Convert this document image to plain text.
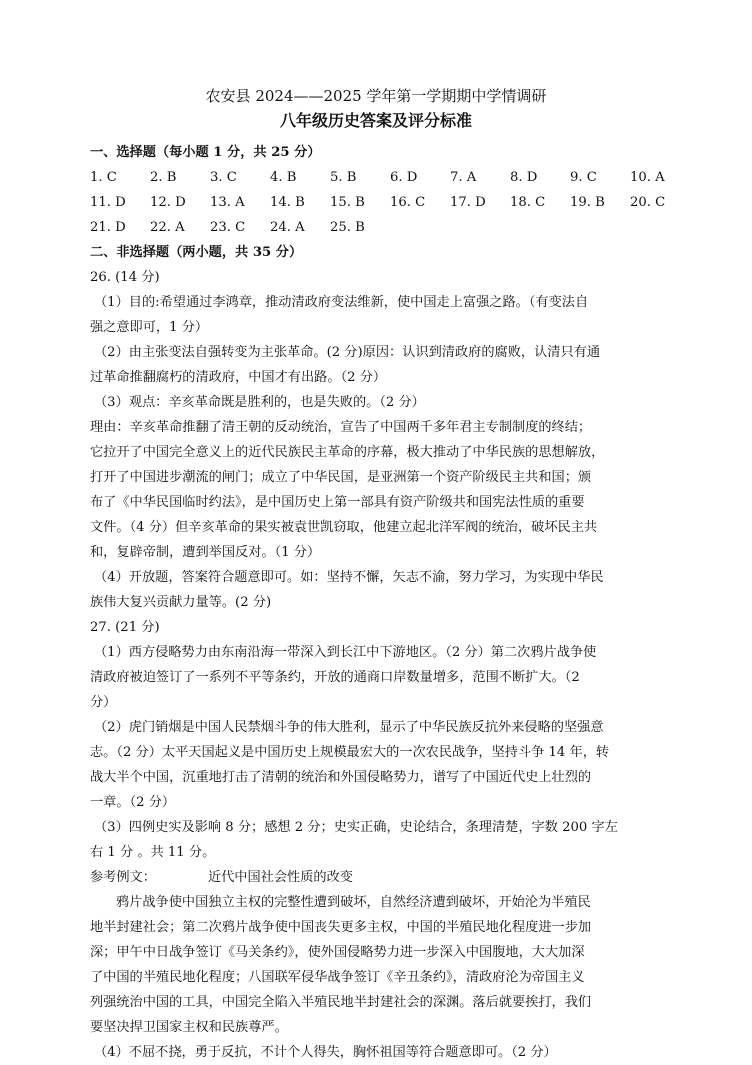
农安县 2024——2025 学年第一学期期中学情调研
八年级历史答案及评分标准
一、选择题（每小题 1 分，共 25 分）
1. C	2. B	3. C	4. B	5. B	6. D	7. A	8. D	9. C	10. A
11. D	12. D	13. A	14. B	15. B	16. C	17. D	18. C	19. B	20. C
21. D	22. A	23. C	24. A	25. B
二、非选择题（两小题，共 35 分）
26. (14 分)
（1）目的:希望通过李鸿章，推动清政府变法维新，使中国走上富强之路。（有变法自
强之意即可，1 分）
（2）由主张变法自强转变为主张革命。(2 分)原因：认识到清政府的腐败，认清只有通
过革命推翻腐朽的清政府，中国才有出路。（2 分）
（3）观点：辛亥革命既是胜利的，也是失败的。（2 分）
理由：辛亥革命推翻了清王朝的反动统治，宣告了中国两千多年君主专制制度的终结；
它拉开了中国完全意义上的近代民族民主革命的序幕，极大推动了中华民族的思想解放，
打开了中国进步潮流的闸门；成立了中华民国，是亚洲第一个资产阶级民主共和国；颁
布了《中华民国临时约法》，是中国历史上第一部具有资产阶级共和国宪法性质的重要
文件。（4 分）但辛亥革命的果实被袁世凯窃取，他建立起北洋军阀的统治，破坏民主共
和，复辟帝制，遭到举国反对。（1 分）
（4）开放题，答案符合题意即可。如：坚持不懈，矢志不渝，努力学习，为实现中华民
族伟大复兴贡献力量等。(2 分)
27. (21 分)
（1）西方侵略势力由东南沿海一带深入到长江中下游地区。（2 分）第二次鸦片战争使
清政府被迫签订了一系列不平等条约，开放的通商口岸数量增多，范围不断扩大。（2
分）
（2）虎门销烟是中国人民禁烟斗争的伟大胜利，显示了中华民族反抗外来侵略的坚强意
志。（2 分）太平天国起义是中国历史上规模最宏大的一次农民战争，坚持斗争 14 年，转
战大半个中国，沉重地打击了清朝的统治和外国侵略势力，谱写了中国近代史上壮烈的
一章。（2 分）
（3）四例史实及影响 8 分；感想 2 分；史实正确，史论结合，条理清楚，字数 200 字左
右 1 分 。共 11 分。
参考例文：	近代中国社会性质的改变
鸦片战争使中国独立主权的完整性遭到破坏，自然经济遭到破坏，开始沦为半殖民
地半封建社会；第二次鸦片战争使中国丧失更多主权，中国的半殖民地化程度进一步加
深；甲午中日战争签订《马关条约》，使外国侵略势力进一步深入中国腹地，大大加深
了中国的半殖民地化程度；八国联军侵华战争签订《辛丑条约》，清政府沦为帝国主义
列强统治中国的工具，中国完全陷入半殖民地半封建社会的深渊。落后就要挨打，我们
要坚决捍卫国家主权和民族尊严。
（4）不屈不挠，勇于反抗，不计个人得失，胸怀祖国等符合题意即可。（2 分）
